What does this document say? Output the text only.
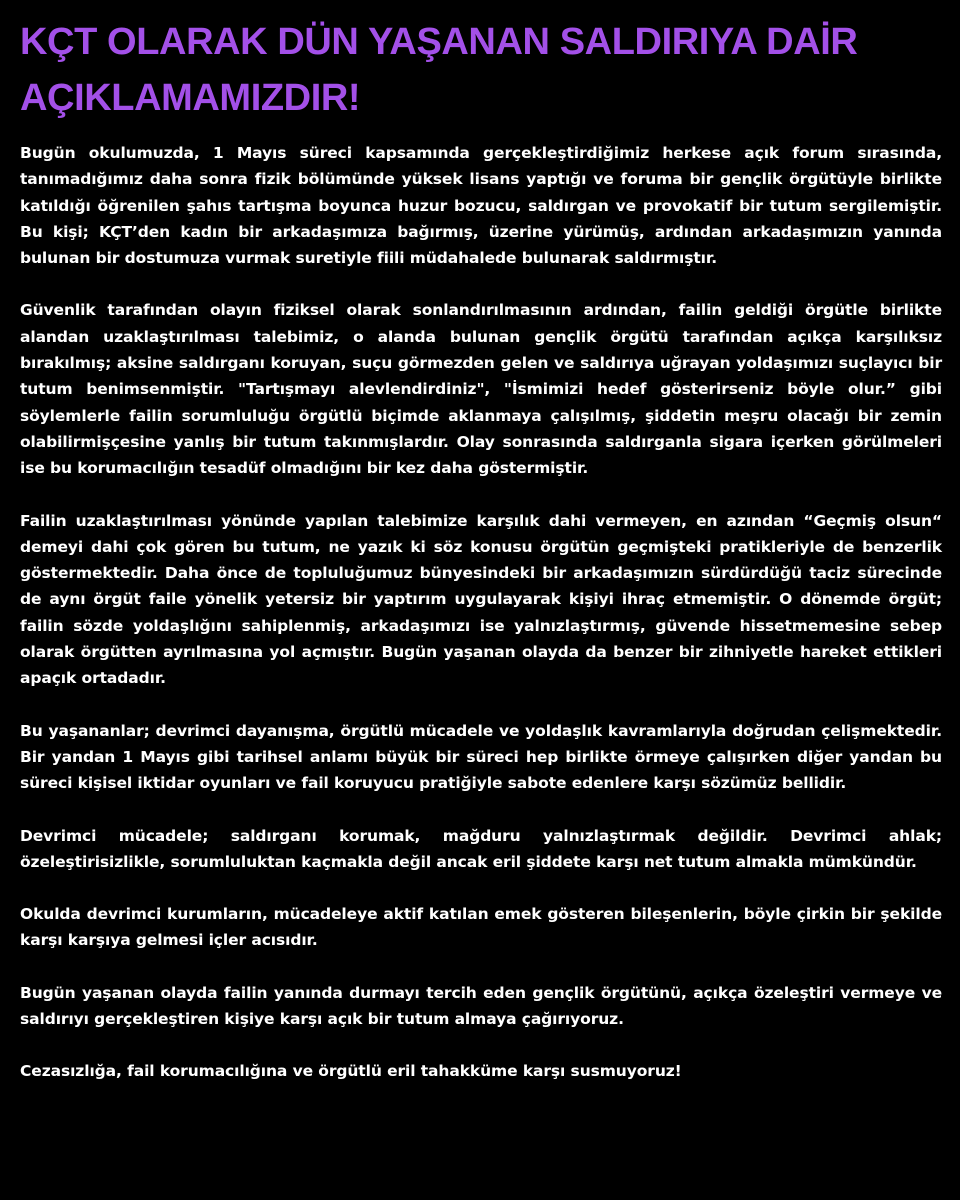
KÇT OLARAK DÜN YAŞANAN SALDIRIYA DAİR AÇIKLAMAMIZDIR!

Bugün okulumuzda, 1 Mayıs süreci kapsamında gerçekleştirdiğimiz herkese açık forum sırasında, tanımadığımız daha sonra fizik bölümünde yüksek lisans yaptığı ve foruma bir gençlik örgütüyle birlikte katıldığı öğrenilen şahıs tartışma boyunca huzur bozucu, saldırgan ve provokatif bir tutum sergilemiştir. Bu kişi; KÇT’den kadın bir arkadaşımıza bağırmış, üzerine yürümüş, ardından arkadaşımızın yanında bulunan bir dostumuza vurmak suretiyle fiili müdahalede bulunarak saldırmıştır.

Güvenlik tarafından olayın fiziksel olarak sonlandırılmasının ardından, failin geldiği örgütle birlikte alandan uzaklaştırılması talebimiz, o alanda bulunan gençlik örgütü tarafından açıkça karşılıksız bırakılmış; aksine saldırganı koruyan, suçu görmezden gelen ve saldırıya uğrayan yoldaşımızı suçlayıcı bir tutum benimsenmiştir. "Tartışmayı alevlendirdiniz", "İsmimizi hedef gösterirseniz böyle olur.” gibi söylemlerle failin sorumluluğu örgütlü biçimde aklanmaya çalışılmış, şiddetin meşru olacağı bir zemin olabilirmişçesine yanlış bir tutum takınmışlardır. Olay sonrasında saldırganla sigara içerken görülmeleri ise bu korumacılığın tesadüf olmadığını bir kez daha göstermiştir.

Failin uzaklaştırılması yönünde yapılan talebimize karşılık dahi vermeyen, en azından “Geçmiş olsun“ demeyi dahi çok gören bu tutum, ne yazık ki söz konusu örgütün geçmişteki pratikleriyle de benzerlik göstermektedir. Daha önce de topluluğumuz bünyesindeki bir arkadaşımızın sürdürdüğü taciz sürecinde de aynı örgüt faile yönelik yetersiz bir yaptırım uygulayarak kişiyi ihraç etmemiştir. O dönemde örgüt; failin sözde yoldaşlığını sahiplenmiş, arkadaşımızı ise yalnızlaştırmış, güvende hissetmemesine sebep olarak örgütten ayrılmasına yol açmıştır. Bugün yaşanan olayda da benzer bir zihniyetle hareket ettikleri apaçık ortadadır.

Bu yaşananlar; devrimci dayanışma, örgütlü mücadele ve yoldaşlık kavramlarıyla doğrudan çelişmektedir. Bir yandan 1 Mayıs gibi tarihsel anlamı büyük bir süreci hep birlikte örmeye çalışırken diğer yandan bu süreci kişisel iktidar oyunları ve fail koruyucu pratiğiyle sabote edenlere karşı sözümüz bellidir.

Devrimci mücadele; saldırganı korumak, mağduru yalnızlaştırmak değildir. Devrimci ahlak; özeleştirisizlikle, sorumluluktan kaçmakla değil ancak eril şiddete karşı net tutum almakla mümkündür.

Okulda devrimci kurumların, mücadeleye aktif katılan emek gösteren bileşenlerin, böyle çirkin bir şekilde karşı karşıya gelmesi içler acısıdır.

Bugün yaşanan olayda failin yanında durmayı tercih eden gençlik örgütünü, açıkça özeleştiri vermeye ve saldırıyı gerçekleştiren kişiye karşı açık bir tutum almaya çağırıyoruz.

Cezasızlığa, fail korumacılığına ve örgütlü eril tahakküme karşı susmuyoruz!
